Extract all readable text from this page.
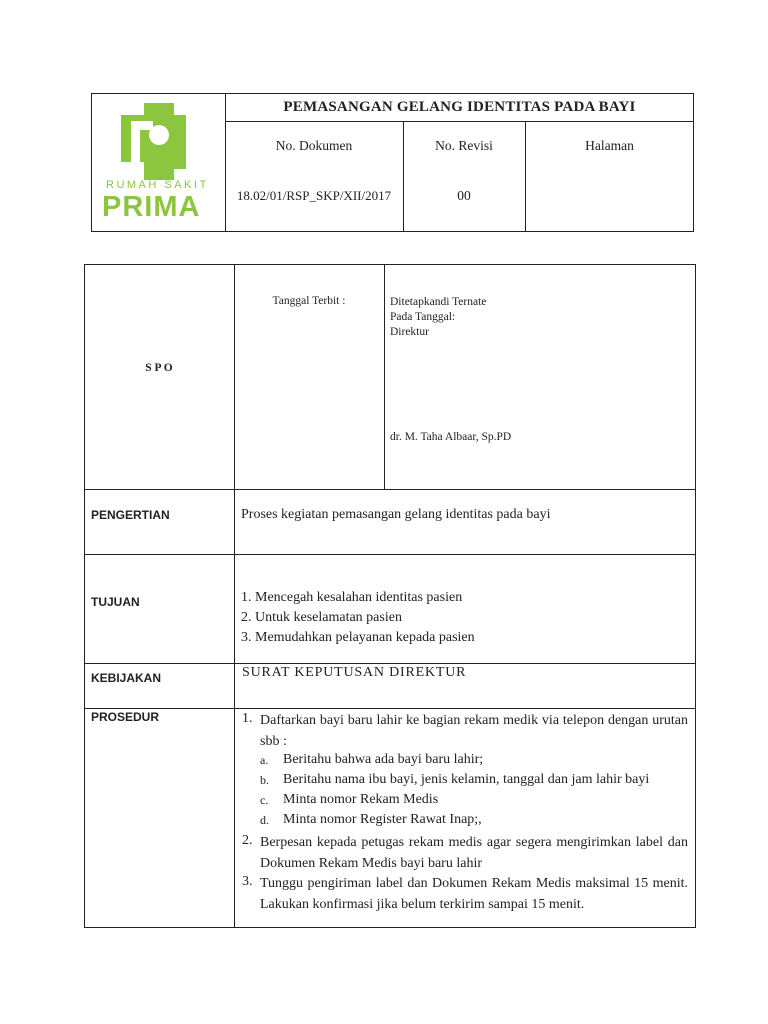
RUMAH SAKIT
PRIMA
PEMASANGAN GELANG IDENTITAS PADA BAYI
No. Dokumen	No. Revisi	Halaman
18.02/01/RSP_SKP/XII/2017	00
S P O
Tanggal Terbit :	Ditetapkandi Ternate
Pada Tanggal:
Direktur
dr. M. Taha Albaar, Sp.PD
PENGERTIAN	Proses kegiatan pemasangan gelang identitas pada bayi
TUJUAN	1. Mencegah kesalahan identitas pasien
2. Untuk keselamatan pasien
3. Memudahkan pelayanan kepada pasien
KEBIJAKAN	SURAT KEPUTUSAN DIREKTUR
PROSEDUR	1. Daftarkan bayi baru lahir ke bagian rekam medik via telepon dengan urutan sbb :
a. Beritahu bahwa ada bayi baru lahir;
b. Beritahu nama ibu bayi, jenis kelamin, tanggal dan jam lahir bayi
c. Minta nomor Rekam Medis
d. Minta nomor Register Rawat Inap;,
2. Berpesan kepada petugas rekam medis agar segera mengirimkan label dan Dokumen Rekam Medis bayi baru lahir
3. Tunggu pengiriman label dan Dokumen Rekam Medis maksimal 15 menit. Lakukan konfirmasi jika belum terkirim sampai 15 menit.
